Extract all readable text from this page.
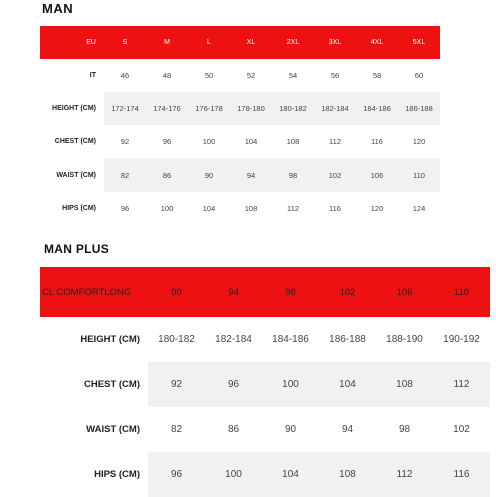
MAN
EU	S	M	L	XL	2XL	3XL	4XL	5XL
IT	46	48	50	52	54	56	58	60
HEIGHT (CM)	172-174	174-176	176-178	178-180	180-182	182-184	184-186	186-188
CHEST (CM)	92	96	100	104	108	112	116	120
WAIST (CM)	82	86	90	94	98	102	106	110
HIPS (CM)	96	100	104	108	112	116	120	124
MAN PLUS
CL COMFORTLONG	90	94	98	102	106	110
HEIGHT (CM)	180-182	182-184	184-186	186-188	188-190	190-192
CHEST (CM)	92	96	100	104	108	112
WAIST (CM)	82	86	90	94	98	102
HIPS (CM)	96	100	104	108	112	116
